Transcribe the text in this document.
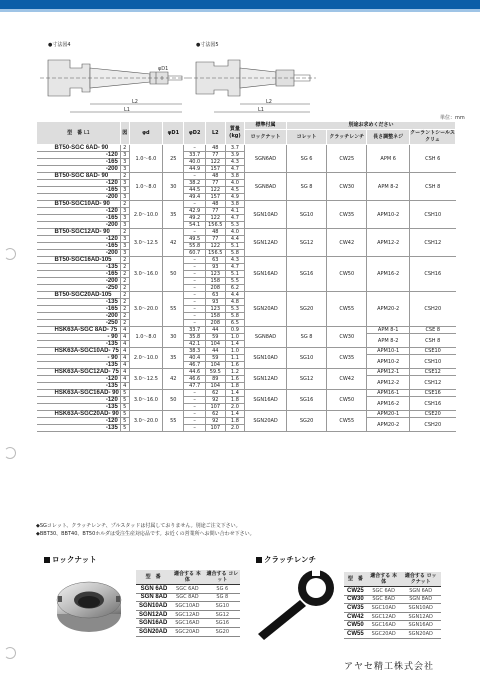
●寸法図4	●寸法図5
L2
L1
φD1
L2
L1
単位：mm
型　番 L1	図	φd	φD1	φD2	L2	質量 (kg)	標準付属	別途お求めください			
							ロックナット	コレット	クラッチレンチ	長さ調整ネジ	クーラントシールスクリュ
BT50-SGC 6AD- 90	2	1.0〜6.0	25	–	48	3.7	SGN6AD	SG 6	CW25	APM 6	CSH 6
-120	3			33.7	77	3.9					
-165	3			40.0	122	4.3					
-200	3			44.9	157	4.7					
BT50-SGC 8AD- 90	2	1.0〜8.0	30	–	48	3.8	SGN8AD	SG 8	CW30	APM 8-2	CSH 8
-120	3			38.2	77	4.0					
-165	3			44.5	122	4.5					
-200	3			49.4	157	4.9					
BT50-SGC10AD- 90	2	2.0〜10.0	35	–	48	3.8	SGN10AD	SG10	CW35	APM10-2	CSH10
-120	3			42.9	77	4.1					
-165	3			49.2	122	4.7					
-200	3			54.1	156.5	5.3					
BT50-SGC12AD- 90	2	3.0〜12.5	42	–	48	4.0	SGN12AD	SG12	CW42	APM12-2	CSH12
-120	3			49.5	77	4.4					
-165	3			55.8	122	5.1					
-200	3			60.7	156.5	5.8					
BT50-SGC16AD-105	2	3.0〜16.0	50	–	63	4.3	SGN16AD	SG16	CW50	APM16-2	CSH16
-135	2			–	93	4.7					
-165	2			–	123	5.1					
-200	2			–	158	5.5					
-250	2			–	208	6.2					
BT50-SGC20AD-105	2	3.0〜20.0	55	–	63	4.4	SGN20AD	SG20	CW55	APM20-2	CSH20
-135	2			–	93	4.8					
-165	2			–	123	5.3					
-200	2			–	158	5.8					
-250	2			–	208	6.5					
HSK63A-SGC 8AD- 75	4	1.0〜8.0	30	33.7	44	0.9	SGN8AD	SG 8	CW30	APM 8-1	CSE 8
- 90	4			35.8	59	1.0				APM 8-2	CSH 8
-135	4			42.1	104	1.4					
HSK63A-SGC10AD- 75	4	2.0〜10.0	35	38.3	44	1.0	SGN10AD	SG10	CW35	APM10-1	CSE10
- 90	4			40.4	59	1.1				APM10-2	CSH10
-135	4			46.7	104	1.6					
HSK63A-SGC12AD- 75	4	3.0〜12.5	42	44.6	59.5	1.2	SGN12AD	SG12	CW42	APM12-1	CSE12
-120	4			46.6	89	1.6				APM12-2	CSH12
-135	4			47.7	104	1.8					
HSK63A-SGC16AD- 90	5	3.0〜16.0	50	–	62	1.4	SGN16AD	SG16	CW50	APM16-1	CSE16
-120	5			–	92	1.8				APM16-2	CSH16
-135	5			–	107	2.0					
HSK63A-SGC20AD- 90	5	3.0〜20.0	55	–	62	1.4	SGN20AD	SG20	CW55	APM20-1	CSE20
-120	5			–	92	1.8				APM20-2	CSH20
-135	5			–	107	2.0					
◆SGコレット、クラッチレンチ、プルスタッドは付属しておりません。別途ご注文下さい。
◆BBT30、BBT40、BT50ホルダは受注生産対応品です。お近くの営業所へお問い合わせ下さい。
ロックナット
型　番	適合する 本体	適合する コレット
SGN 6AD	SGC 6AD	SG 6
SGN 8AD	SGC 8AD	SG 8
SGN10AD	SGC10AD	SG10
SGN12AD	SGC12AD	SG12
SGN16AD	SGC16AD	SG16
SGN20AD	SGC20AD	SG20
クラッチレンチ
型　番	適合する 本体	適合する ロックナット
CW25	SGC 6AD	SGN 6AD
CW30	SGC 8AD	SGN 8AD
CW35	SGC10AD	SGN10AD
CW42	SGC12AD	SGN12AD
CW50	SGC16AD	SGN16AD
CW55	SGC20AD	SGN20AD
アヤセ精工株式会社
